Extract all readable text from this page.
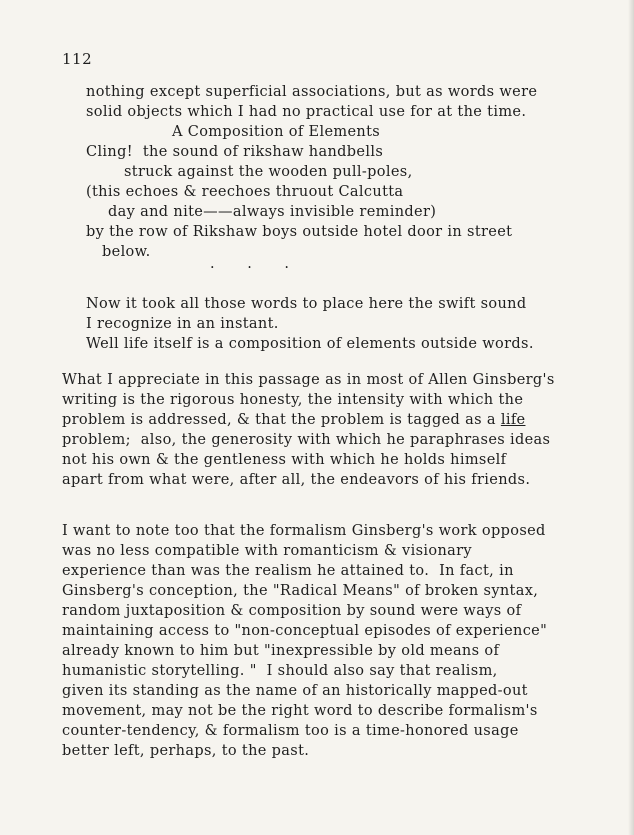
112
nothing except superficial associations, but as words were
solid objects which I had no practical use for at the time.
A Composition of Elements
Cling!  the sound of rikshaw handbells
struck against the wooden pull-poles,
(this echoes & reechoes thruout Calcutta
day and nite——always invisible reminder)
by the row of Rikshaw boys outside hotel door in street
below.
· · ·
Now it took all those words to place here the swift sound
I recognize in an instant.
Well life itself is a composition of elements outside words.
What I appreciate in this passage as in most of Allen Ginsberg's
writing is the rigorous honesty, the intensity with which the
problem is addressed, & that the problem is tagged as a life
problem;  also, the generosity with which he paraphrases ideas
not his own & the gentleness with which he holds himself
apart from what were, after all, the endeavors of his friends.
I want to note too that the formalism Ginsberg's work opposed
was no less compatible with romanticism & visionary
experience than was the realism he attained to.  In fact, in
Ginsberg's conception, the "Radical Means" of broken syntax,
random juxtaposition & composition by sound were ways of
maintaining access to "non-conceptual episodes of experience"
already known to him but "inexpressible by old means of
humanistic storytelling. "  I should also say that realism,
given its standing as the name of an historically mapped-out
movement, may not be the right word to describe formalism's
counter-tendency, & formalism too is a time-honored usage
better left, perhaps, to the past.
